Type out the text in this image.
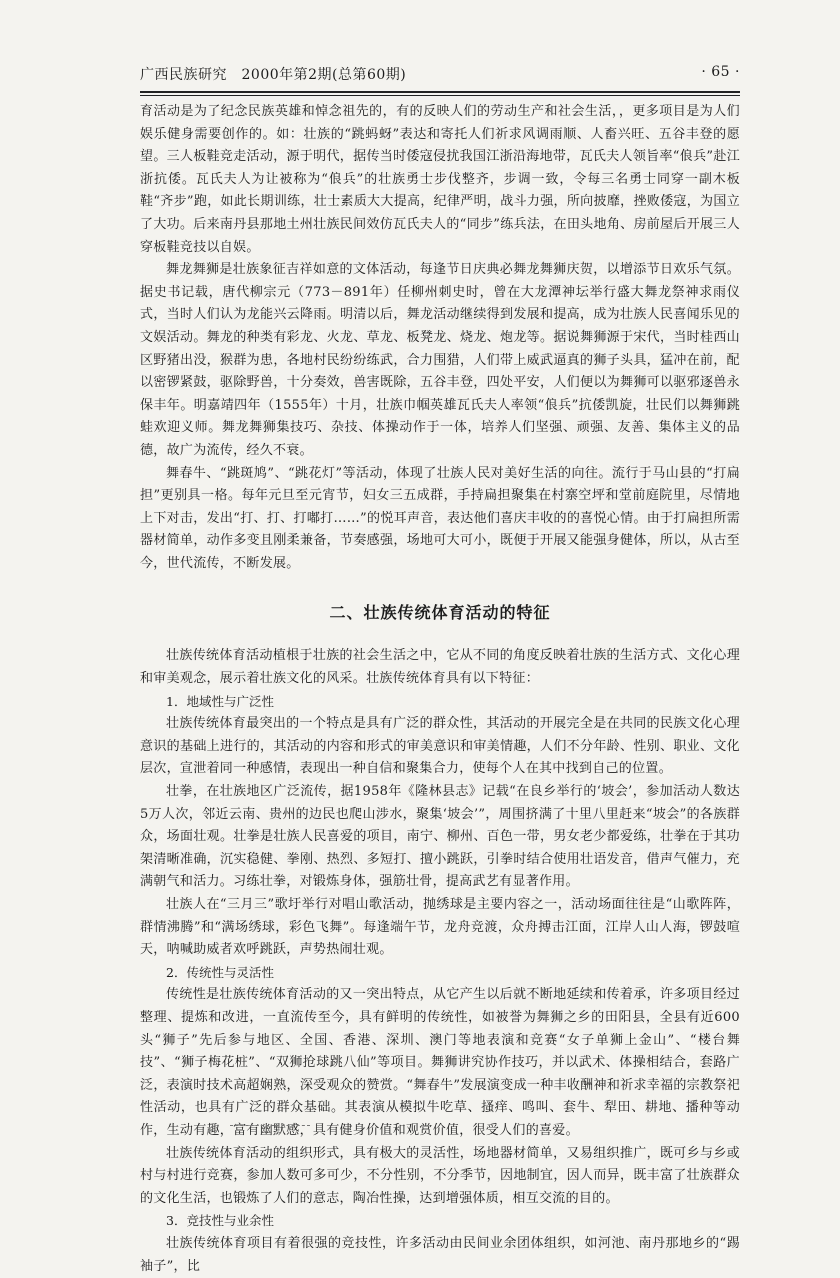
广西民族研究　2000年第2期(总第60期)	· 65 ·

育活动是为了纪念民族英雄和悼念祖先的，有的反映人们的劳动生产和社会生活，，更多项目是为人们娱乐健身需要创作的。如：壮族的“跳蚂蚜”表达和寄托人们祈求风调雨顺、人畜兴旺、五谷丰登的愿望。三人板鞋竞走活动，源于明代，据传当时倭寇侵扰我国江浙沿海地带，瓦氏夫人领旨率“俍兵”赴江浙抗倭。瓦氏夫人为让被称为“俍兵”的壮族勇士步伐整齐，步调一致，令每三名勇士同穿一副木板鞋“齐步”跑，如此长期训练，壮士素质大大提高，纪律严明，战斗力强，所向披靡，挫败倭寇，为国立了大功。后来南丹县那地土州壮族民间效仿瓦氏夫人的“同步”练兵法，在田头地角、房前屋后开展三人穿板鞋竞技以自娱。

舞龙舞狮是壮族象征吉祥如意的文体活动，每逢节日庆典必舞龙舞狮庆贺，以增添节日欢乐气氛。据史书记载，唐代柳宗元（773－891年）任柳州刺史时，曾在大龙潭神坛举行盛大舞龙祭神求雨仪式，当时人们认为龙能兴云降雨。明清以后，舞龙活动继续得到发展和提高，成为壮族人民喜闻乐见的文娱活动。舞龙的种类有彩龙、火龙、草龙、板凳龙、烧龙、炮龙等。据说舞狮源于宋代，当时桂西山区野猪出没，猴群为患，各地村民纷纷练武，合力围猎，人们带上威武逼真的狮子头具，猛冲在前，配以密锣紧鼓，驱除野兽，十分奏效，兽害既除，五谷丰登，四处平安，人们便以为舞狮可以驱邪逐兽永保丰年。明嘉靖四年（1555年）十月，壮族巾帼英雄瓦氏夫人率领“俍兵”抗倭凯旋，壮民们以舞狮跳蛙欢迎义师。舞龙舞狮集技巧、杂技、体操动作于一体，培养人们坚强、顽强、友善、集体主义的品德，故广为流传，经久不衰。

舞春牛、“跳斑鸠”、“跳花灯”等活动，体现了壮族人民对美好生活的向往。流行于马山县的“打扁担”更别具一格。每年元旦至元宵节，妇女三五成群，手持扁担聚集在村寨空坪和堂前庭院里，尽情地上下对击，发出“打、打、打嘟打……”的悦耳声音，表达他们喜庆丰收的的喜悦心情。由于打扁担所需器材简单，动作多变且刚柔兼备，节奏感强，场地可大可小，既便于开展又能强身健体，所以，从古至今，世代流传，不断发展。

二、壮族传统体育活动的特征

壮族传统体育活动植根于壮族的社会生活之中，它从不同的角度反映着壮族的生活方式、文化心理和审美观念，展示着壮族文化的风采。壮族传统体育具有以下特征：

1．地域性与广泛性

壮族传统体育最突出的一个特点是具有广泛的群众性，其活动的开展完全是在共同的民族文化心理意识的基础上进行的，其活动的内容和形式的审美意识和审美情趣，人们不分年龄、性别、职业、文化层次，宣泄着同一种感情，表现出一种自信和聚集合力，使每个人在其中找到自己的位置。

壮拳，在壮族地区广泛流传，据1958年《隆林县志》记载“在良乡举行的‘坡会’，参加活动人数达5万人次，邻近云南、贵州的边民也爬山涉水，聚集‘坡会’”，周围挤满了十里八里赶来“坡会”的各族群众，场面壮观。壮拳是壮族人民喜爱的项目，南宁、柳州、百色一带，男女老少都爱练，壮拳在于其功架清晰准确，沉实稳健、拳刚、热烈、多短打、擅小跳跃，引拳时结合使用壮语发音，借声气催力，充满朝气和活力。习练壮拳，对锻炼身体，强筋壮骨，提高武艺有显著作用。

壮族人在“三月三”歌圩举行对唱山歌活动，抛绣球是主要内容之一，活动场面往往是“山歌阵阵，群情沸腾”和“满场绣球，彩色飞舞”。每逢端午节，龙舟竞渡，众舟搏击江面，江岸人山人海，锣鼓喧天，呐喊助威者欢呼跳跃，声势热闹壮观。

2．传统性与灵活性

传统性是壮族传统体育活动的又一突出特点，从它产生以后就不断地延续和传着承，许多项目经过整理、提炼和改进，一直流传至今，具有鲜明的传统性，如被誉为舞狮之乡的田阳县，全县有近600头“狮子”先后参与地区、全国、香港、深圳、澳门等地表演和竞赛“女子单狮上金山”、“楼台舞技”、“狮子梅花桩”、“双狮抢球跳八仙”等项目。舞狮讲究协作技巧，并以武术、体操相结合，套路广泛，表演时技术高超娴熟，深受观众的赞赏。“舞春牛”发展演变成一种丰收酬神和祈求幸福的宗教祭祀性活动，也具有广泛的群众基础。其表演从模拟牛吃草、搔痒、鸣叫、套牛、犁田、耕地、播种等动作，生动有趣，富有幽默感，具有健身价值和观赏价值，很受人们的喜爱。

壮族传统体育活动的组织形式，具有极大的灵活性，场地器材简单，又易组织推广，既可乡与乡或村与村进行竞赛，参加人数可多可少，不分性别，不分季节，因地制宜，因人而异，既丰富了壮族群众的文化生活，也锻炼了人们的意志，陶冶性操，达到增强体质，相互交流的目的。

3．竞技性与业余性

壮族传统体育项目有着很强的竞技性，许多活动由民间业余团体组织，如河池、南丹那地乡的“踢袖子”，比
